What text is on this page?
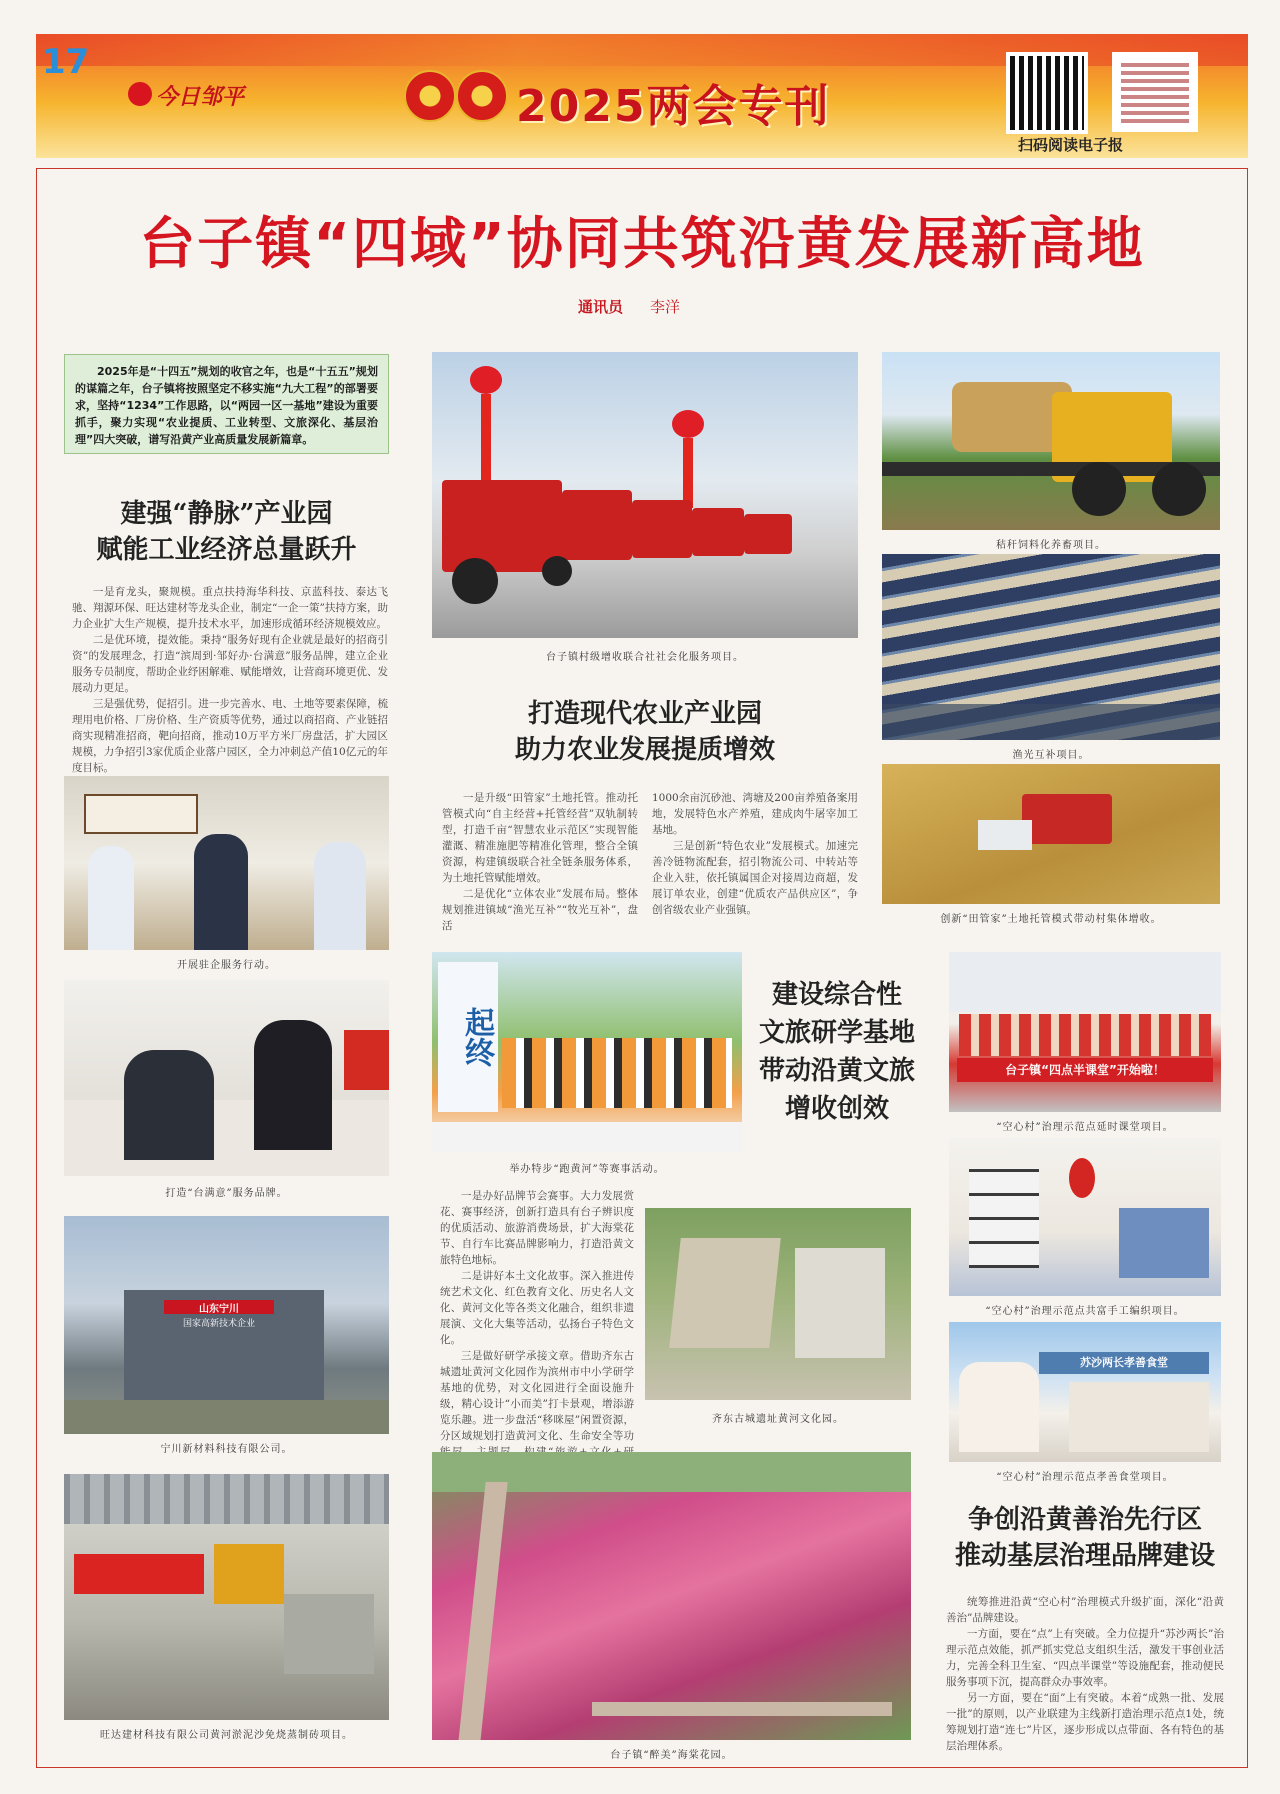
17
今日邹平	2025两会专刊
扫码阅读电子报
台子镇“四域”协同共筑沿黄发展新高地
通讯员 李洋
2025年是“十四五”规划的收官之年，也是“十五五”规划的谋篇之年，台子镇将按照坚定不移实施“九大工程”的部署要求，坚持“1234”工作思路，以“两园一区一基地”建设为重要抓手，聚力实现“农业提质、工业转型、文旅深化、基层治理”四大突破，谱写沿黄产业高质量发展新篇章。
建强“静脉”产业园
赋能工业经济总量跃升

一是育龙头，聚规模。重点扶持海华科技、京蓝科技、泰达飞驰、翔源环保、旺达建材等龙头企业，制定“一企一策”扶持方案，助力企业扩大生产规模，提升技术水平，加速形成循环经济规模效应。

二是优环境，提效能。秉持“服务好现有企业就是最好的招商引资”的发展理念，打造“滨周到·邹好办·台满意”服务品牌，建立企业服务专员制度，帮助企业纾困解难、赋能增效，让营商环境更优、发展动力更足。

三是强优势，促招引。进一步完善水、电、土地等要素保障，梳理用电价格、厂房价格、生产资质等优势，通过以商招商、产业链招商实现精准招商，靶向招商，推动10万平方米厂房盘活，扩大园区规模，力争招引3家优质企业落户园区，全力冲刺总产值10亿元的年度目标。

开展驻企服务行动。
打造“台满意”服务品牌。
山东宁川
国家高新技术企业
宁川新材料科技有限公司。
旺达建材科技有限公司黄河淤泥沙免烧蒸制砖项目。
台子镇村级增收联合社社会化服务项目。
打造现代农业产业园
助力农业发展提质增效

一是升级“田管家”土地托管。推动托管模式向“自主经营+托管经营”双轨制转型，打造千亩“智慧农业示范区”实现智能灌溉、精准施肥等精准化管理，整合全镇资源，构建镇级联合社全链条服务体系，为土地托管赋能增效。

二是优化“立体农业”发展布局。整体规划推进镇域“渔光互补”“牧光互补”，盘活

1000余亩沉砂池、湾塘及200亩养殖备案用地，发展特色水产养殖，建成肉牛屠宰加工基地。

三是创新“特色农业”发展模式。加速完善冷链物流配套，招引物流公司、中转站等企业入驻，依托镇属国企对接周边商超，发展订单农业，创建“优质农产品供应区”，争创省级农业产业强镇。

秸秆饲料化养畜项目。
渔光互补项目。
创新“田管家”土地托管模式带动村集体增收。
起终
举办特步“跑黄河”等赛事活动。
建设综合性
文旅研学基地
带动沿黄文旅
增收创效

一是办好品牌节会赛事。大力发展赏花、赛事经济，创新打造具有台子辨识度的优质活动、旅游消费场景，扩大海棠花节、自行车比赛品牌影响力，打造沿黄文旅特色地标。

二是讲好本土文化故事。深入推进传统艺术文化、红色教育文化、历史名人文化、黄河文化等各类文化融合，组织非遗展演、文化大集等活动，弘扬台子特色文化。

三是做好研学承接文章。借助齐东古城遗址黄河文化园作为滨州市中小学研学基地的优势，对文化园进行全面设施升级，精心设计“小而美”打卡景观，增添游览乐趣。进一步盘活“移咪屋”闲置资源，分区域规划打造黄河文化、生命安全等功

齐东古城遗址黄河文化园。
台子镇“醉美”海棠花园。
台子镇“四点半课堂”开始啦！
“空心村”治理示范点延时课堂项目。
“空心村”治理示范点共富手工编织项目。
苏沙两长孝善食堂
“空心村”治理示范点孝善食堂项目。
争创沿黄善治先行区
推动基层治理品牌建设

统筹推进沿黄“空心村”治理模式升级扩面，深化“沿黄善治”品牌建设。

一方面，要在“点”上有突破。全力位提升“苏沙两长”治理示范点效能，抓严抓实党总支组织生活，激发干事创业活力，完善全科卫生室、“四点半课堂”等设施配套，推动便民服务事项下沉，提高群众办事效率。

另一方面，要在“面”上有突破。本着“成熟一批、发展一批”的原则，以产业联建为主线新打造治理示范点1处，统筹规划打造“连七”片区，逐步形成以点带面、各有特色的基层治理体系。
